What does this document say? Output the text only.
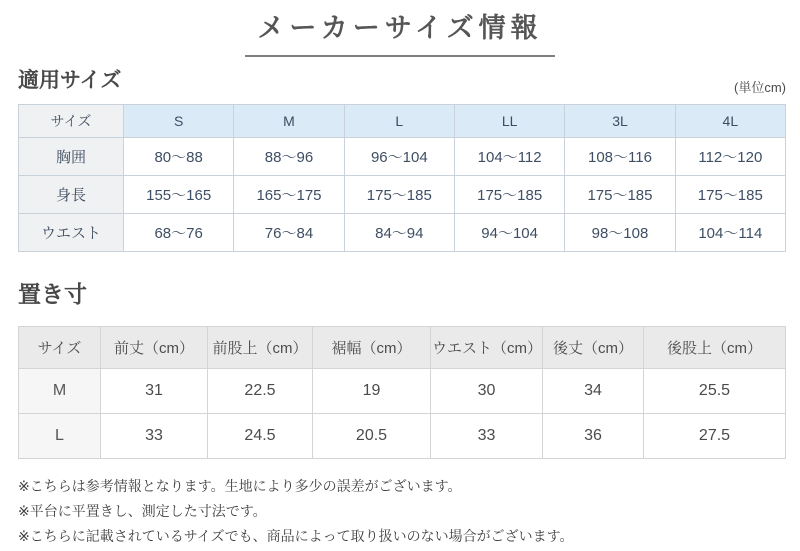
メーカーサイズ情報
適用サイズ	(単位cm)
サイズ	S	M	L	LL	3L	4L
胸囲	80〜88	88〜96	96〜104	104〜112	108〜116	112〜120
身長	155〜165	165〜175	175〜185	175〜185	175〜185	175〜185
ウエスト	68〜76	76〜84	84〜94	94〜104	98〜108	104〜114
置き寸
サイズ	前丈（cm）	前股上（cm）	裾幅（cm）	ウエスト（cm）	後丈（cm）	後股上（cm）
M	31	22.5	19	30	34	25.5
L	33	24.5	20.5	33	36	27.5

※こちらは参考情報となります。生地により多少の誤差がございます。

※平台に平置きし、測定した寸法です。

※こちらに記載されているサイズでも、商品によって取り扱いのない場合がございます。
